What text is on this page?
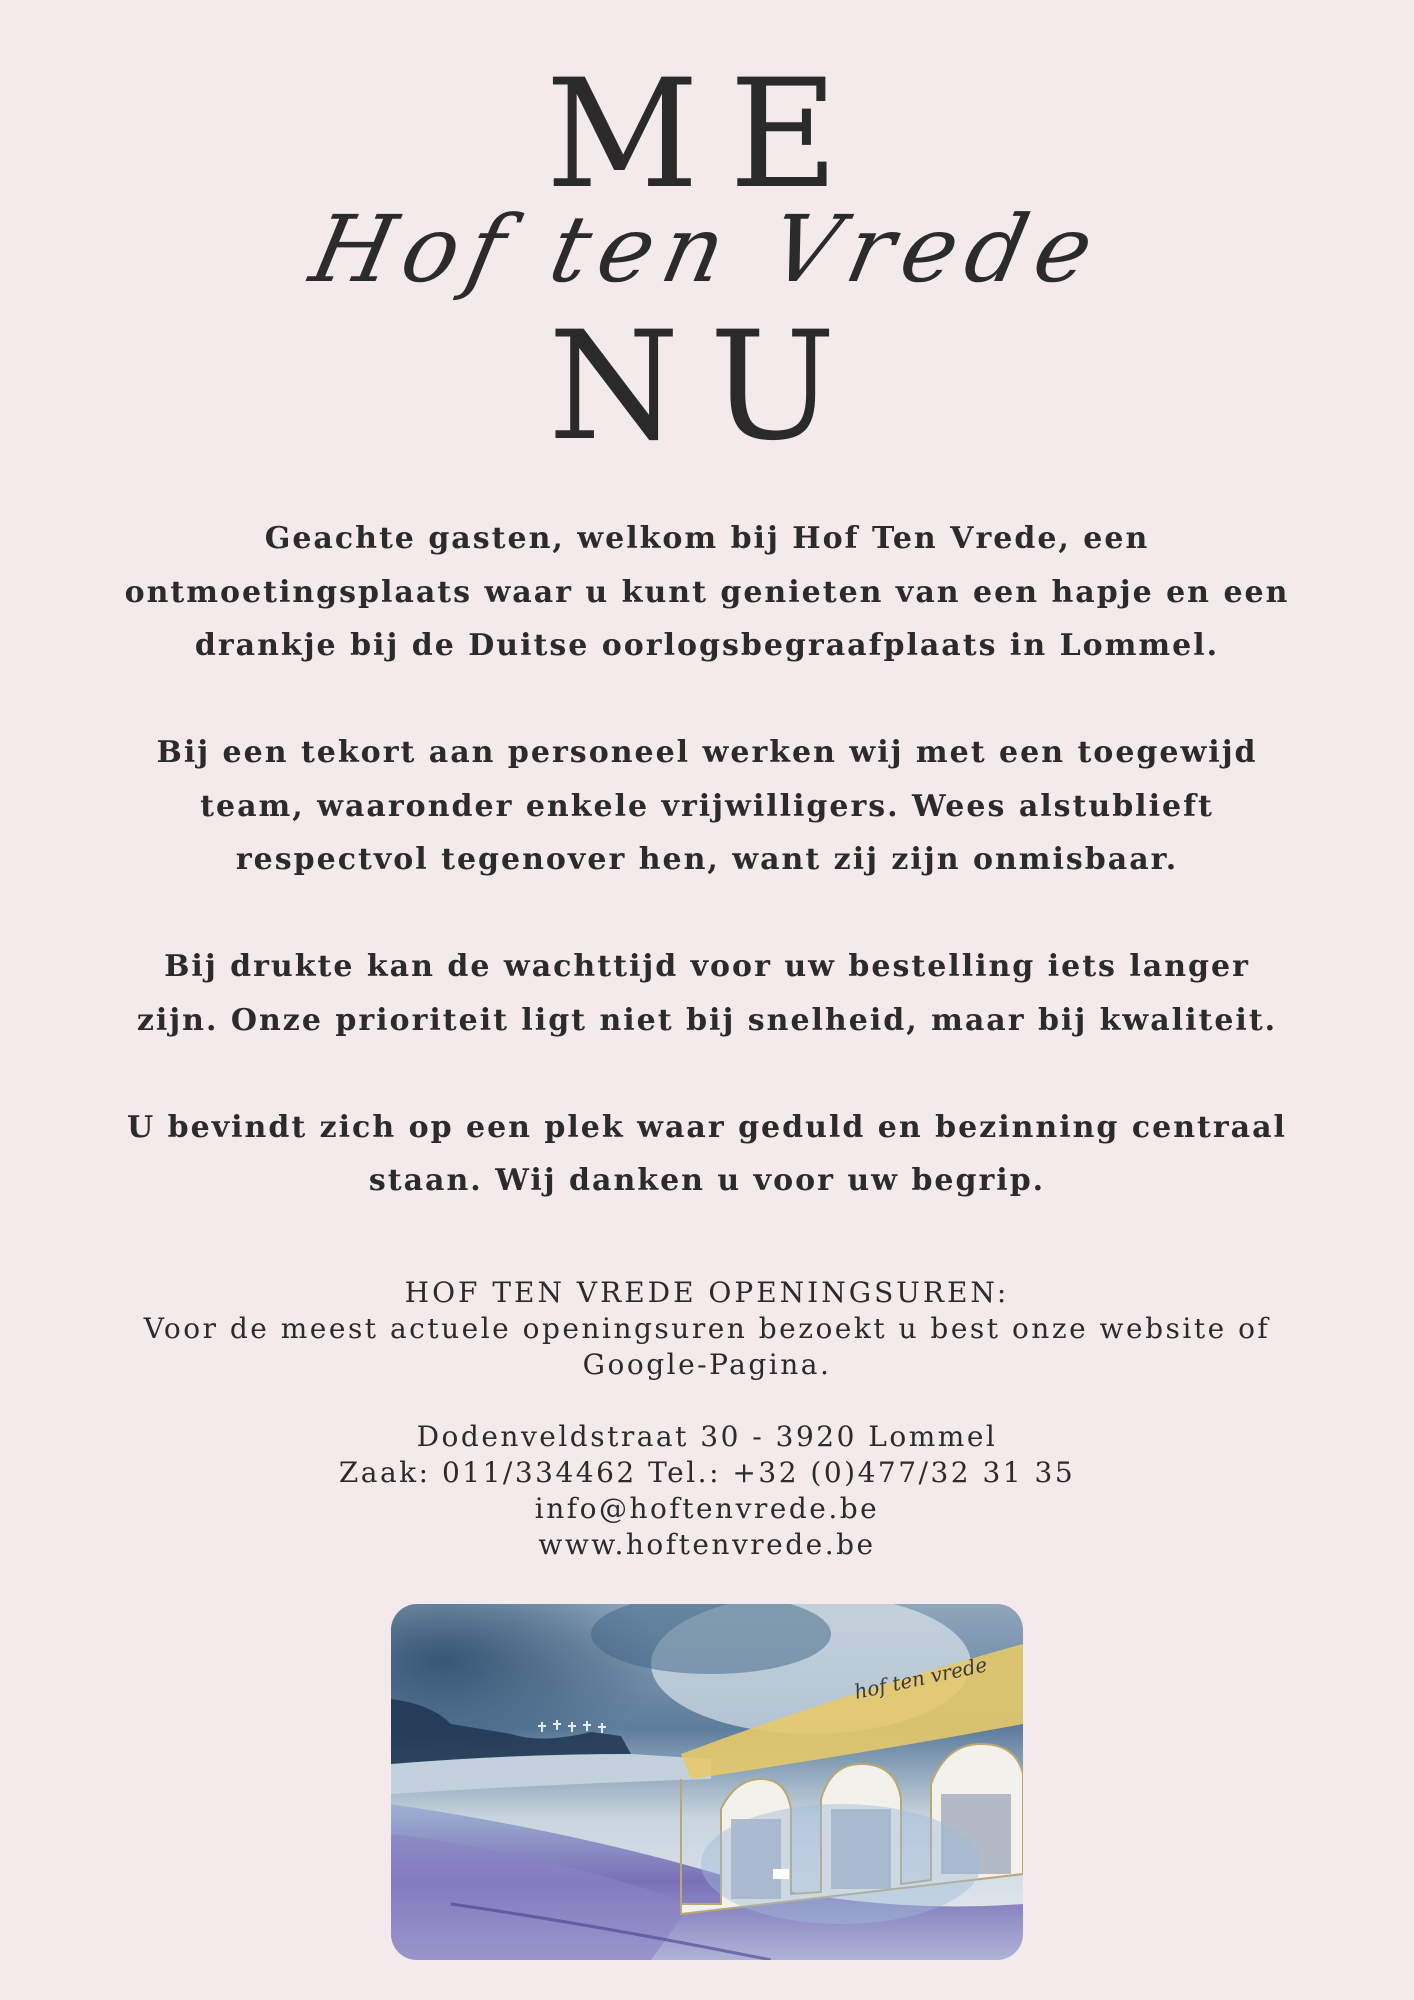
ME
Hof ten Vrede
NU

Geachte gasten, welkom bij Hof Ten Vrede, een ontmoetingsplaats waar u kunt genieten van een hapje en een drankje bij de Duitse oorlogsbegraafplaats in Lommel.

Bij een tekort aan personeel werken wij met een toegewijd team, waaronder enkele vrijwilligers. Wees alstublieft respectvol tegenover hen, want zij zijn onmisbaar.

Bij drukte kan de wachttijd voor uw bestelling iets langer zijn. Onze prioriteit ligt niet bij snelheid, maar bij kwaliteit.

U bevindt zich op een plek waar geduld en bezinning centraal staan. Wij danken u voor uw begrip.

HOF TEN VREDE OPENINGSUREN:
Voor de meest actuele openingsuren bezoekt u best onze website of Google-Pagina.
Dodenveldstraat 30 - 3920 Lommel
Zaak: 011/334462 Tel.: +32 (0)477/32 31 35
info@hoftenvrede.be
www.hoftenvrede.be
hof ten vrede
